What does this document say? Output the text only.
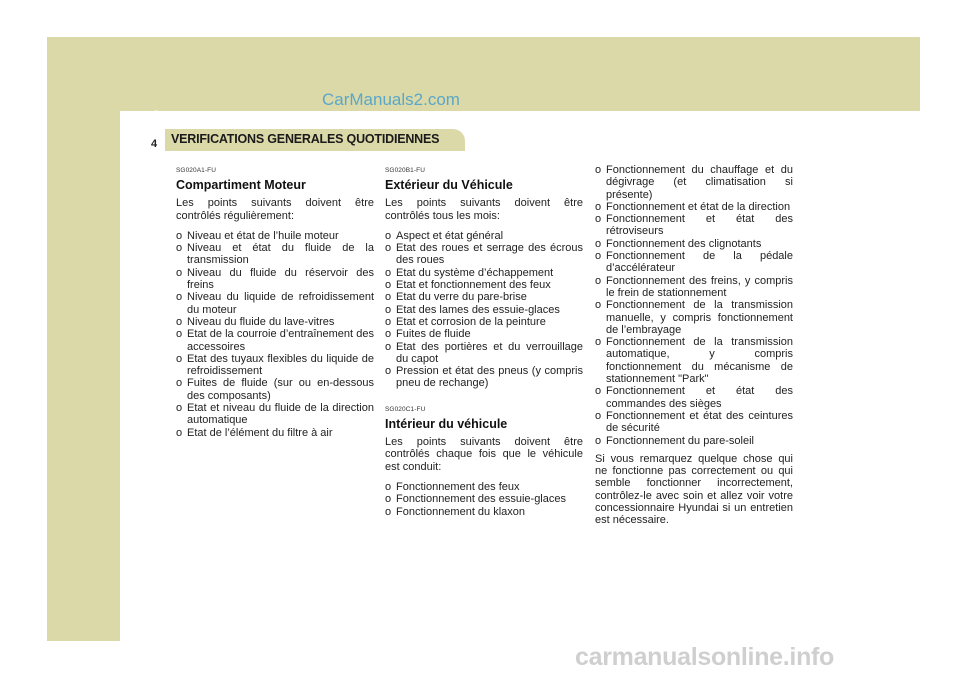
CarManuals2.com
6 ENTRETIEN PAR VOS SOINS
4 VERIFICATIONS GENERALES QUOTIDIENNES
SG020A1-FU
Compartiment Moteur
Les points suivants doivent être contrôlés régulièrement:
o Niveau et état de l’huile moteur
o Niveau et état du fluide de la transmission
o Niveau du fluide du réservoir des freins
o Niveau du liquide de refroidissement du moteur
o Niveau du fluide du lave-vitres
o Etat de la courroie d’entraînement des accessoires
o Etat des tuyaux flexibles du liquide de refroidissement
o Fuites de fluide (sur ou en-dessous des composants)
o Etat et niveau du fluide de la direction automatique
o Etat de l’élément du filtre à air
SG020B1-FU
Extérieur du Véhicule
Les points suivants doivent être contrôlés tous les mois:
o Aspect et état général
o Etat des roues et serrage des écrous des roues
o Etat du système d’échappement
o Etat et fonctionnement des feux
o Etat du verre du pare-brise
o Etat des lames des essuie-glaces
o Etat et corrosion de la peinture
o Fuites de fluide
o Etat des portières et du verrouillage du capot
o Pression et état des pneus (y compris pneu de rechange)
SG020C1-FU
Intérieur du véhicule
Les points suivants doivent être contrôlés chaque fois que le véhicule est conduit:
o Fonctionnement des feux
o Fonctionnement des essuie-glaces
o Fonctionnement du klaxon
o Fonctionnement du chauffage et du dégivrage (et climatisation si présente)
o Fonctionnement et état de la direction
o Fonctionnement et état des rétroviseurs
o Fonctionnement des clignotants
o Fonctionnement de la pédale d’accélérateur
o Fonctionnement des freins, y compris le frein de stationnement
o Fonctionnement de la transmission manuelle, y compris fonctionnement de l’embrayage
o Fonctionnement de la transmission automatique, y compris fonctionnement du mécanisme de stationnement "Park"
o Fonctionnement et état des commandes des sièges
o Fonctionnement et état des ceintures de sécurité
o Fonctionnement du pare-soleil
Si vous remarquez quelque chose qui ne fonctionne pas correctement ou qui semble fonctionner incorrectement, contrôlez-le avec soin et allez voir votre concessionnaire Hyundai si un entretien est nécessaire.
carmanualsonline.info
